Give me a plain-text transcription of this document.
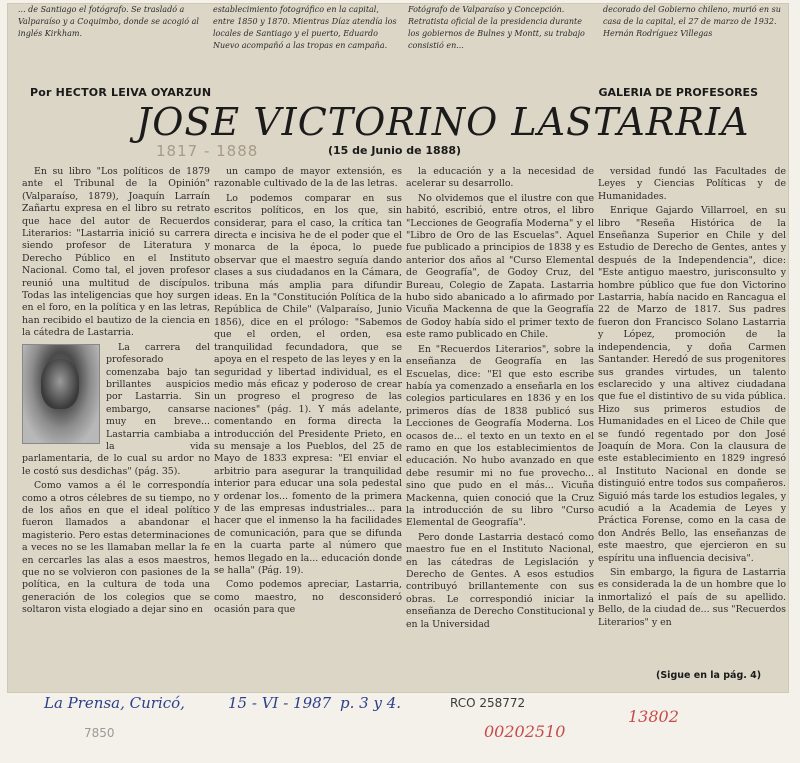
... de Santiago el fotógrafo. Se trasladó a Valparaíso y a Coquimbo, donde se acogió al inglés Kirkham.
establecimiento fotográfico en la capital, entre 1850 y 1870. Mientras Díaz atendía los locales de Santiago y el puerto, Eduardo Nuevo acompañó a las tropas en campaña.
Fotógrafo de Valparaíso y Concepción. Retratista oficial de la presidencia durante los gobiernos de Bulnes y Montt, su trabajo consistió en...
decorado del Gobierno chileno, murió en su casa de la capital, el 27 de marzo de 1932. Hernán Rodríguez Villegas
Por HECTOR LEIVA OYARZUN	GALERIA DE PROFESORES
JOSE VICTORINO LASTARRIA
1817 - 1888	(15 de Junio de 1888)

En su libro "Los políticos de 1879 ante el Tribunal de la Opinión" (Valparaíso, 1879), Joaquín Larraín Zañartu expresa en el libro su retrato que hace del autor de Recuerdos Literarios: "Lastarria inició su carrera siendo profesor de Literatura y Derecho Público en el Instituto Nacional. Como tal, el joven profesor reunió una multitud de discípulos. Todas las inteligencias que hoy surgen en el foro, en la política y en las letras, han recibido el bautizo de la ciencia en la cátedra de Lastarria.

La carrera del profesorado comenzaba bajo tan brillantes auspicios por Lastarria. Sin embargo, cansarse muy en breve... Lastarria cambiaba a la vida parlamentaria, de lo cual su ardor no le costó sus desdichas" (pág. 35).

Como vamos a él le correspondía como a otros célebres de su tiempo, no de los años en que el ideal político fueron llamados a abandonar el magisterio. Pero estas determinaciones a veces no se les llamaban mellar la fe en cercarles las alas a esos maestros, que no se volvieron con pasiones de la política, en la cultura de toda una generación de los colegios que se soltaron vista elogiado a dejar sino en

un campo de mayor extensión, es razonable cultivado de la de las letras.

Lo podemos comparar en sus escritos políticos, en los que, sin considerar, para el caso, la crítica tan directa e incisiva he de el poder que el monarca de la época, lo puede observar que el maestro seguía dando clases a sus ciudadanos en la Cámara, tribuna más amplia para difundir ideas. En la "Constitución Política de la República de Chile" (Valparaíso, Junio 1856), dice en el prólogo: "Sabemos que el orden, el orden, esa tranquilidad fecundadora, que se apoya en el respeto de las leyes y en la seguridad y libertad individual, es el medio más eficaz y poderoso de crear un progreso el progreso de las naciones" (pág. 1). Y más adelante, comentando en forma directa la introducción del Presidente Prieto, en su mensaje a los Pueblos, del 25 de Mayo de 1833 expresa: "El enviar el arbitrio para asegurar la tranquilidad interior para educar una sola pedestal y ordenar los... fomento de la primera y de las empresas industriales... para hacer que el inmenso la ha facilidades de comunicación, para que se difunda en la cuarta parte al número que hemos llegado en la... educación donde se halla" (Pág. 19).

Como podemos apreciar, Lastarria, como maestro, no desconsideró ocasión para que

la educación y a la necesidad de acelerar su desarrollo.

No olvidemos que el ilustre con que habitó, escribió, entre otros, el libro "Lecciones de Geografía Moderna" y el "Libro de Oro de las Escuelas". Aquel fue publicado a principios de 1838 y es anterior dos años al "Curso Elemental de Geografía", de Godoy Cruz, del Bureau, Colegio de Zapata. Lastarria hubo sido abanicado a lo afirmado por Vicuña Mackenna de que la Geografía de Godoy había sido el primer texto de este ramo publicado en Chile.

En "Recuerdos Literarios", sobre la enseñanza de Geografía en las Escuelas, dice: "El que esto escribe había ya comenzado a enseñarla en los colegios particulares en 1836 y en los primeros días de 1838 publicó sus Lecciones de Geografía Moderna. Los ocasos de... el texto en un texto en el ramo en que los establecimientos de educación. No hubo avanzado en que debe resumir mi no fue provecho... sino que pudo en el más... Vicuña Mackenna, quien conoció que la Cruz la introducción de su libro "Curso Elemental de Geografía".

Pero donde Lastarria destacó como maestro fue en el Instituto Nacional, en las cátedras de Legislación y Derecho de Gentes. A esos estudios contribuyó brillantemente con sus obras. Le correspondió iniciar la enseñanza de Derecho Constitucional y en la Universidad

versidad fundó las Facultades de Leyes y Ciencias Políticas y de Humanidades.

Enrique Gajardo Villarroel, en su libro "Reseña Histórica de la Enseñanza Superior en Chile y del Estudio de Derecho de Gentes, antes y después de la Independencia", dice: "Este antiguo maestro, jurisconsulto y hombre público que fue don Victorino Lastarria, había nacido en Rancagua el 22 de Marzo de 1817. Sus padres fueron don Francisco Solano Lastarria y López, promoción de la independencia, y doña Carmen Santander. Heredó de sus progenitores sus grandes virtudes, un talento esclarecido y una altivez ciudadana que fue el distintivo de su vida pública. Hizo sus primeros estudios de Humanidades en el Liceo de Chile que se fundó regentado por don José Joaquín de Mora. Con la clausura de este establecimiento en 1829 ingresó al Instituto Nacional en donde se distinguió entre todos sus compañeros. Siguió más tarde los estudios legales, y acudió a la Academia de Leyes y Práctica Forense, como en la casa de don Andrés Bello, las enseñanzas de este maestro, que ejercieron en su espíritu una influencia decisiva".

Sin embargo, la figura de Lastarria es considerada la de un hombre que lo inmortalizó el país de su apellido. Bello, de la ciudad de... sus "Recuerdos Literarios" y en

(Sigue en la pág. 4)
La Prensa, Curicó,	15 - VI - 1987 p. 3 y 4.	RCO 258772
00202510
13802
7850
